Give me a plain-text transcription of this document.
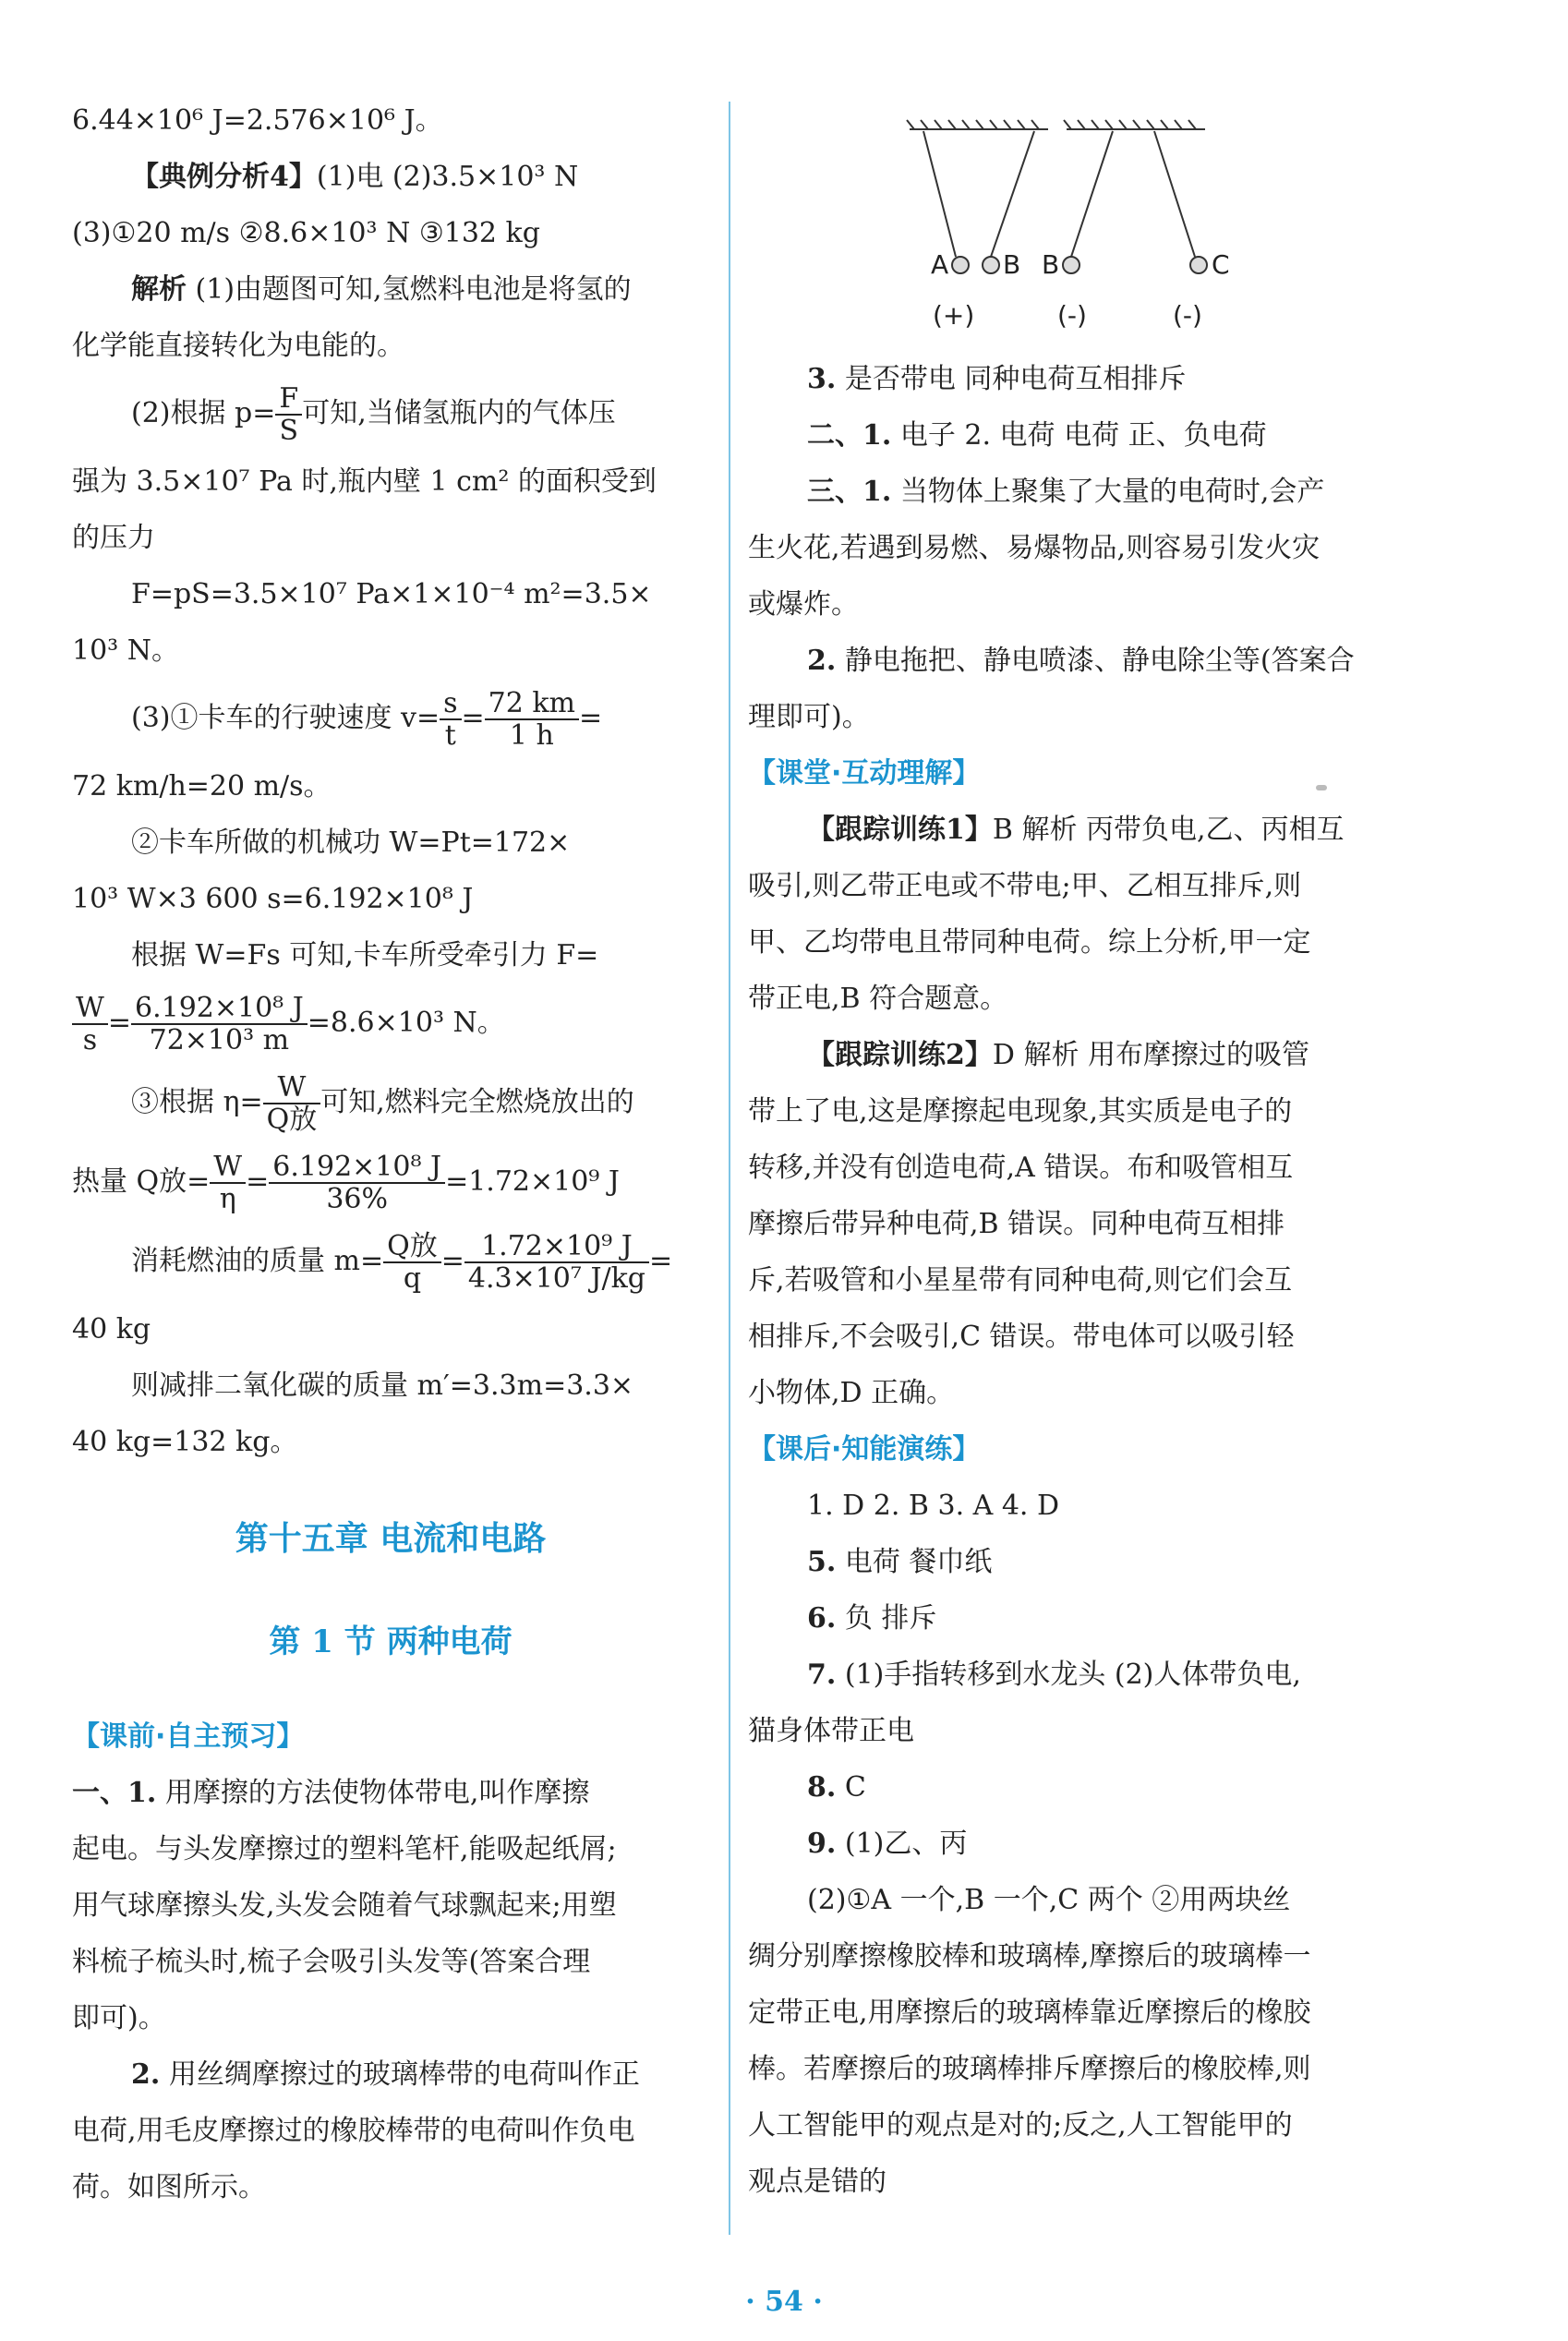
6.44×10⁶ J=2.576×10⁶ J。

【典例分析4】(1)电 (2)3.5×10³ N

(3)①20 m/s ②8.6×10³ N ③132 kg

解析 (1)由题图可知,氢燃料电池是将氢的

化学能直接转化为电能的。

(2)根据 $p= \frac{F}{S}$ 可知,当储氢瓶内的气体压

强为 3.5×10⁷ Pa 时,瓶内壁 1 cm² 的面积受到

的压力

F=pS=3.5×10⁷ Pa×1×10⁻⁴ m²=3.5×

10³ N。

(3)①卡车的行驶速度 $v= \frac{s}{t} = \frac{72 km}{1 h}$ =

72 km/h=20 m/s。

②卡车所做的机械功 W=Pt=172×

10³ W×3 600 s=6.192×10⁸ J

根据 W=Fs 可知,卡车所受牵引力 F=

$\frac{W}{s} = \frac{\text{6.192×10⁸ J}}{\text{72×10³ m}} =8.6\times 10^3$ N。

③根据 $\eta= \frac{W}{\text{Q放}}$ 可知,燃料完全燃烧放出的

热量 Q放= $\frac{W}{\eta} = \frac{\text{6.192×10⁸ J}}{36\%} =1.72\times 10^9$ J

消耗燃油的质量 $m= \frac{\text{Q放}}{q} = \frac{\text{1.72×10⁹ J}}{\text{4.3×10⁷ J/kg}}$ =

40 kg

则减排二氧化碳的质量 m′=3.3m=3.3×

40 kg=132 kg。

第十五章 电流和电路

第 1 节 两种电荷

【课前·自主预习】

一、1. 用摩擦的方法使物体带电,叫作摩擦

起电。与头发摩擦过的塑料笔杆,能吸起纸屑;

用气球摩擦头发,头发会随着气球飘起来;用塑

料梳子梳头时,梳子会吸引头发等(答案合理

即可)。

2. 用丝绸摩擦过的玻璃棒带的电荷叫作正

电荷,用毛皮摩擦过的橡胶棒带的电荷叫作负电

荷。如图所示。

A B B	C
(+)	(-)	(-)

3. 是否带电 同种电荷互相排斥

二、1. 电子 2. 电荷 电荷 正、负电荷

三、1. 当物体上聚集了大量的电荷时,会产

生火花,若遇到易燃、易爆物品,则容易引发火灾

或爆炸。

2. 静电拖把、静电喷漆、静电除尘等(答案合

理即可)。

【课堂·互动理解】

【跟踪训练1】B 解析 丙带负电,乙、丙相互

吸引,则乙带正电或不带电;甲、乙相互排斥,则

甲、乙均带电且带同种电荷。综上分析,甲一定

带正电,B 符合题意。

【跟踪训练2】D 解析 用布摩擦过的吸管

带上了电,这是摩擦起电现象,其实质是电子的

转移,并没有创造电荷,A 错误。布和吸管相互

摩擦后带异种电荷,B 错误。同种电荷互相排

斥,若吸管和小星星带有同种电荷,则它们会互

相排斥,不会吸引,C 错误。带电体可以吸引轻

小物体,D 正确。

【课后·知能演练】

1. D 2. B 3. A 4. D

5. 电荷 餐巾纸

6. 负 排斥

7. (1)手指转移到水龙头 (2)人体带负电,

猫身体带正电

8. C

9. (1)乙、丙

(2)①A 一个,B 一个,C 两个 ②用两块丝

绸分别摩擦橡胶棒和玻璃棒,摩擦后的玻璃棒一

定带正电,用摩擦后的玻璃棒靠近摩擦后的橡胶

棒。若摩擦后的玻璃棒排斥摩擦后的橡胶棒,则

人工智能甲的观点是对的;反之,人工智能甲的

观点是错的

· 54 ·
